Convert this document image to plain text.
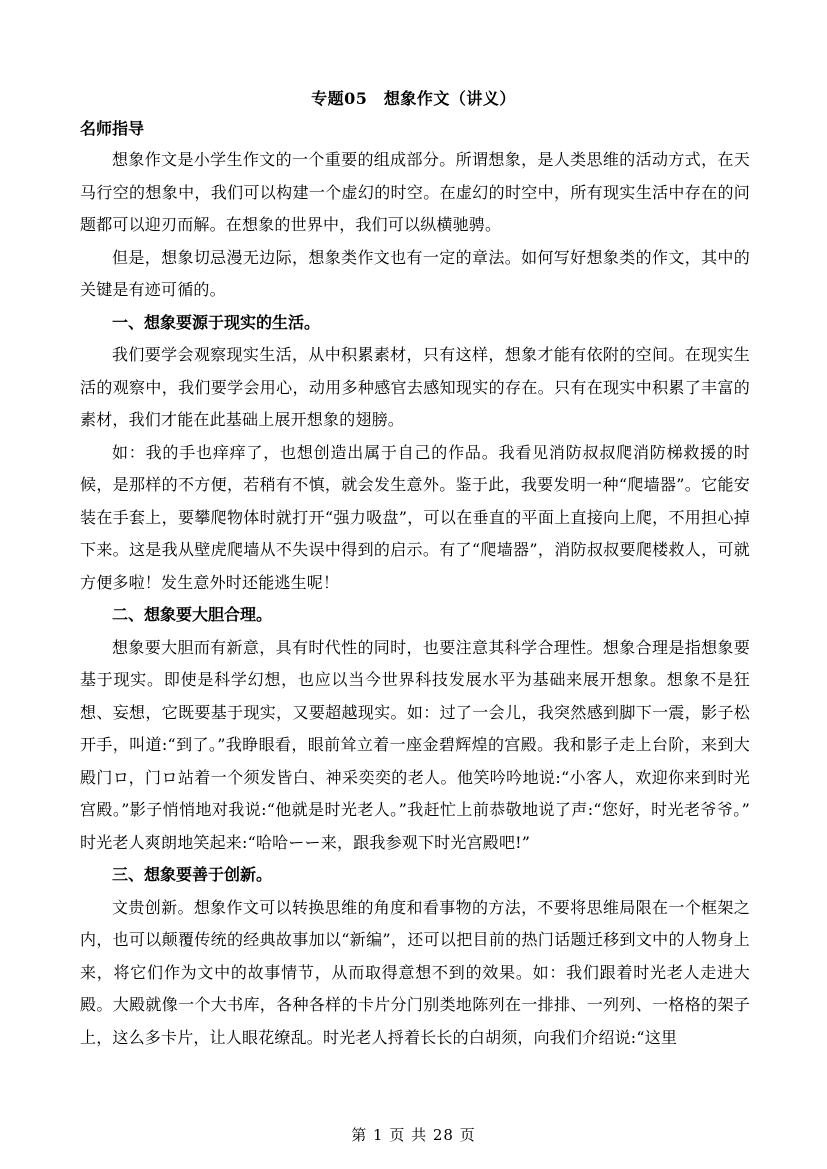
专题05　想象作文（讲义）

名师指导

想象作文是小学生作文的一个重要的组成部分。所谓想象，是人类思维的活动方式，在天马行空的想象中，我们可以构建一个虚幻的时空。在虚幻的时空中，所有现实生活中存在的问题都可以迎刃而解。在想象的世界中，我们可以纵横驰骋。

但是，想象切忌漫无边际，想象类作文也有一定的章法。如何写好想象类的作文，其中的关键是有迹可循的。

一、想象要源于现实的生活。

我们要学会观察现实生活，从中积累素材，只有这样，想象才能有依附的空间。在现实生活的观察中，我们要学会用心，动用多种感官去感知现实的存在。只有在现实中积累了丰富的素材，我们才能在此基础上展开想象的翅膀。

如：我的手也痒痒了，也想创造出属于自己的作品。我看见消防叔叔爬消防梯救援的时候，是那样的不方便，若稍有不慎，就会发生意外。鉴于此，我要发明一种“爬墙器”。它能安装在手套上，要攀爬物体时就打开“强力吸盘”，可以在垂直的平面上直接向上爬，不用担心掉下来。这是我从壁虎爬墙从不失误中得到的启示。有了“爬墙器”，消防叔叔要爬楼救人，可就方便多啦！发生意外时还能逃生呢！

二、想象要大胆合理。

想象要大胆而有新意，具有时代性的同时，也要注意其科学合理性。想象合理是指想象要基于现实。即使是科学幻想，也应以当今世界科技发展水平为基础来展开想象。想象不是狂想、妄想，它既要基于现实，又要超越现实。如：过了一会儿，我突然感到脚下一震，影子松开手，叫道:“到了。”我睁眼看，眼前耸立着一座金碧辉煌的宫殿。我和影子走上台阶，来到大殿门ロ，门ロ站着一个须发皆白、神采奕奕的老人。他笑吟吟地说:“小客人，欢迎你来到时光宫殿。”影子悄悄地对我说:“他就是时光老人。”我赶忙上前恭敬地说了声:“您好，时光老爷爷。” 时光老人爽朗地笑起来:“哈哈ーー来，跟我参观下时光宫殿吧!”

三、想象要善于创新。

文贵创新。想象作文可以转换思维的角度和看事物的方法，不要将思维局限在一个框架之内，也可以颠覆传统的经典故事加以“新编”，还可以把目前的热门话题迁移到文中的人物身上来，将它们作为文中的故事情节，从而取得意想不到的效果。如：我们跟着时光老人走进大殿。大殿就像一个大书库，各种各样的卡片分门别类地陈列在一排排、一列列、一格格的架子上，这么多卡片，让人眼花缭乱。时光老人捋着长长的白胡须，向我们介绍说:“这里

第 1 页 共 28 页
